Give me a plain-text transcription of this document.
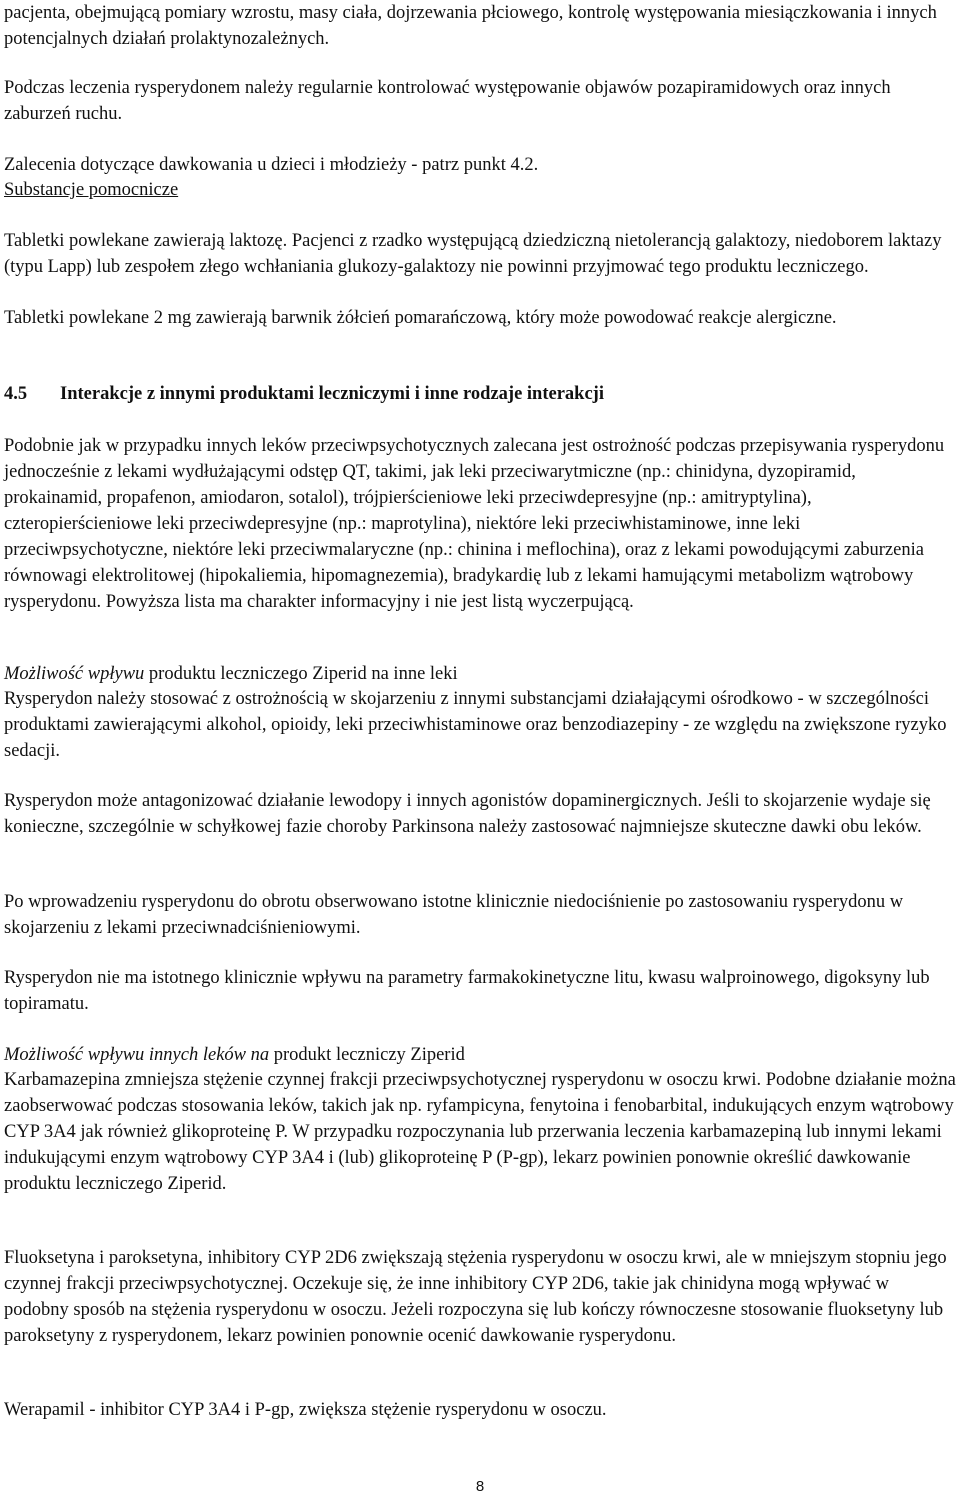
pacjenta, obejmującą pomiary wzrostu, masy ciała, dojrzewania płciowego, kontrolę występowania miesiączkowania i innych potencjalnych działań prolaktynozależnych.

Podczas leczenia rysperydonem należy regularnie kontrolować występowanie objawów pozapiramidowych oraz innych zaburzeń ruchu.

Zalecenia dotyczące dawkowania u dzieci i młodzieży - patrz punkt 4.2.

Substancje pomocnicze

Tabletki powlekane zawierają laktozę. Pacjenci z rzadko występującą dziedziczną nietolerancją galaktozy, niedoborem laktazy (typu Lapp) lub zespołem złego wchłaniania glukozy-galaktozy nie powinni przyjmować tego produktu leczniczego.

Tabletki powlekane 2 mg zawierają barwnik żółcień pomarańczową, który może powodować reakcje alergiczne.

4.5 Interakcje z innymi produktami leczniczymi i inne rodzaje interakcji

Podobnie jak w przypadku innych leków przeciwpsychotycznych zalecana jest ostrożność podczas przepisywania rysperydonu jednocześnie z lekami wydłużającymi odstęp QT, takimi, jak leki przeciwarytmiczne (np.: chinidyna, dyzopiramid, prokainamid, propafenon, amiodaron, sotalol), trójpierścieniowe leki przeciwdepresyjne (np.: amitryptylina), czteropierścieniowe leki przeciwdepresyjne (np.: maprotylina), niektóre leki przeciwhistaminowe, inne leki przeciwpsychotyczne, niektóre leki przeciwmalaryczne (np.: chinina i meflochina), oraz z lekami powodującymi zaburzenia równowagi elektrolitowej (hipokaliemia, hipomagnezemia), bradykardię lub z lekami hamującymi metabolizm wątrobowy rysperydonu. Powyższa lista ma charakter informacyjny i nie jest listą wyczerpującą.

Możliwość wpływu produktu leczniczego Ziperid na inne leki

Rysperydon należy stosować z ostrożnością w skojarzeniu z innymi substancjami działającymi ośrodkowo - w szczególności produktami zawierającymi alkohol, opioidy, leki przeciwhistaminowe oraz benzodiazepiny - ze względu na zwiększone ryzyko sedacji.

Rysperydon może antagonizować działanie lewodopy i innych agonistów dopaminergicznych. Jeśli to skojarzenie wydaje się konieczne, szczególnie w schyłkowej fazie choroby Parkinsona należy zastosować najmniejsze skuteczne dawki obu leków.

Po wprowadzeniu rysperydonu do obrotu obserwowano istotne klinicznie niedociśnienie po zastosowaniu rysperydonu w skojarzeniu z lekami przeciwnadciśnieniowymi.

Rysperydon nie ma istotnego klinicznie wpływu na parametry farmakokinetyczne litu, kwasu walproinowego, digoksyny lub topiramatu.

Możliwość wpływu innych leków na produkt leczniczy Ziperid

Karbamazepina zmniejsza stężenie czynnej frakcji przeciwpsychotycznej rysperydonu w osoczu krwi. Podobne działanie można zaobserwować podczas stosowania leków, takich jak np. ryfampicyna, fenytoina i fenobarbital, indukujących enzym wątrobowy CYP 3A4 jak również glikoproteinę P. W przypadku rozpoczynania lub przerwania leczenia karbamazepiną lub innymi lekami indukującymi enzym wątrobowy CYP 3A4 i (lub) glikoproteinę P (P-gp), lekarz powinien ponownie określić dawkowanie produktu leczniczego Ziperid.

Fluoksetyna i paroksetyna, inhibitory CYP 2D6 zwiększają stężenia rysperydonu w osoczu krwi, ale w mniejszym stopniu jego czynnej frakcji przeciwpsychotycznej. Oczekuje się, że inne inhibitory CYP 2D6, takie jak chinidyna mogą wpływać w podobny sposób na stężenia rysperydonu w osoczu. Jeżeli rozpoczyna się lub kończy równoczesne stosowanie fluoksetyny lub paroksetyny z rysperydonem, lekarz powinien ponownie ocenić dawkowanie rysperydonu.

Werapamil - inhibitor CYP 3A4 i P-gp, zwiększa stężenie rysperydonu w osoczu.

8
